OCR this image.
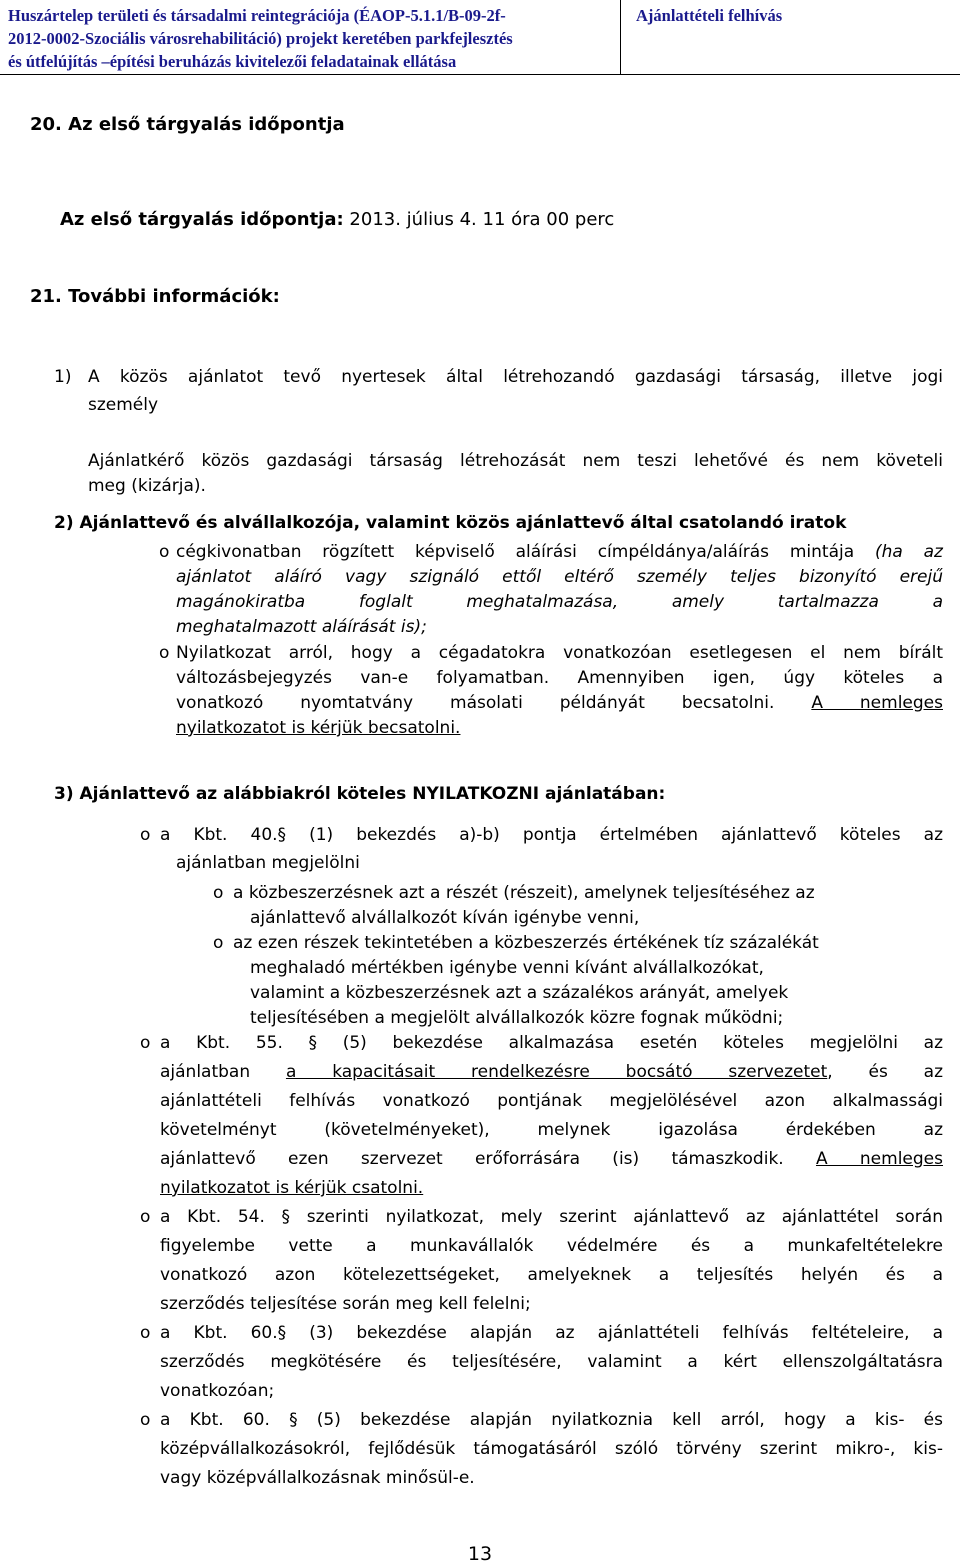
Huszártelep területi és társadalmi reintegrációja (ÉAOP-5.1.1/B-09-2f-
2012-0002-Szociális városrehabilitáció) projekt keretében parkfejlesztés
és útfelújítás –építési beruházás kivitelezői feladatainak ellátása
Ajánlattételi felhívás
20. Az első tárgyalás időpontja
Az első tárgyalás időpontja: 2013. július 4. 11 óra 00 perc
21. További információk:
1) A közös ajánlatot tevő nyertesek által létrehozandó gazdasági társaság, illetve jogi
személy
Ajánlatkérő közös gazdasági társaság létrehozását nem teszi lehetővé és nem követeli
meg (kizárja).
2) Ajánlattevő és alvállalkozója, valamint közös ajánlattevő által csatolandó iratok
o cégkivonatban rögzített képviselő aláírási címpéldánya/aláírás mintája (ha az
ajánlatot aláíró vagy szignáló ettől eltérő személy teljes bizonyító erejű
magánokiratba foglalt meghatalmazása, amely tartalmazza a
meghatalmazott aláírását is);
o Nyilatkozat arról, hogy a cégadatokra vonatkozóan esetlegesen el nem bírált
változásbejegyzés van-e folyamatban. Amennyiben igen, úgy köteles a
vonatkozó nyomtatvány másolati példányát becsatolni. A nemleges
nyilatkozatot is kérjük becsatolni.
3) Ajánlattevő az alábbiakról köteles NYILATKOZNI ajánlatában:
o a Kbt. 40.§ (1) bekezdés a)-b) pontja értelmében ajánlattevő köteles az
ajánlatban megjelölni
o a közbeszerzésnek azt a részét (részeit), amelynek teljesítéséhez az
ajánlattevő alvállalkozót kíván igénybe venni,
o az ezen részek tekintetében a közbeszerzés értékének tíz százalékát
meghaladó mértékben igénybe venni kívánt alvállalkozókat,
valamint a közbeszerzésnek azt a százalékos arányát, amelyek
teljesítésében a megjelölt alvállalkozók közre fognak működni;
o a Kbt. 55. § (5) bekezdése alkalmazása esetén köteles megjelölni az
ajánlatban a kapacitásait rendelkezésre bocsátó szervezetet, és az
ajánlattételi felhívás vonatkozó pontjának megjelölésével azon alkalmassági
követelményt (követelményeket), melynek igazolása érdekében az
ajánlattevő ezen szervezet erőforrására (is) támaszkodik. A nemleges
nyilatkozatot is kérjük csatolni.
o a Kbt. 54. § szerinti nyilatkozat, mely szerint ajánlattevő az ajánlattétel során
figyelembe vette a munkavállalók védelmére és a munkafeltételekre
vonatkozó azon kötelezettségeket, amelyeknek a teljesítés helyén és a
szerződés teljesítése során meg kell felelni;
o a Kbt. 60.§ (3) bekezdése alapján az ajánlattételi felhívás feltételeire, a
szerződés megkötésére és teljesítésére, valamint a kért ellenszolgáltatásra
vonatkozóan;
o a Kbt. 60. § (5) bekezdése alapján nyilatkoznia kell arról, hogy a kis- és
középvállalkozásokról, fejlődésük támogatásáról szóló törvény szerint mikro-, kis-
vagy középvállalkozásnak minősül-e.
13
